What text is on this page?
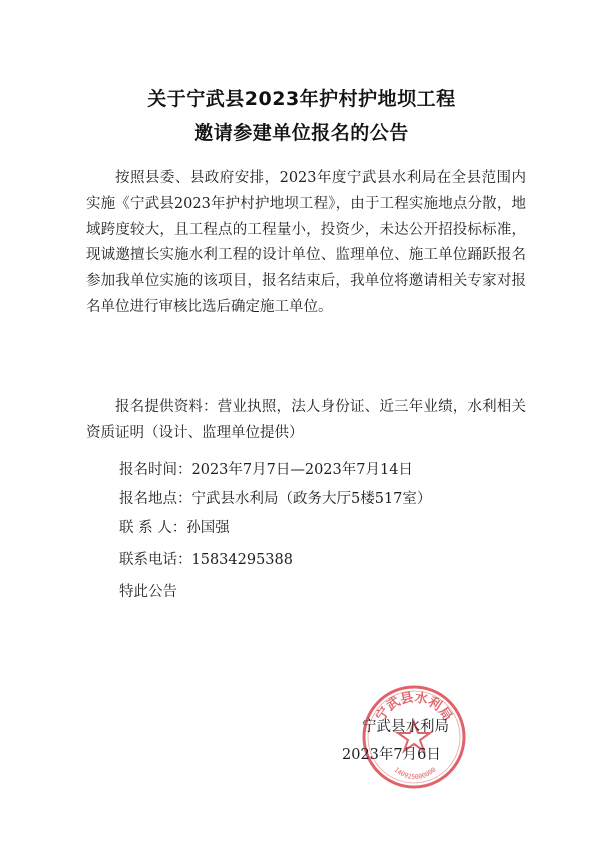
关于宁武县2023年护村护地坝工程
邀请参建单位报名的公告

按照县委、县政府安排，2023年度宁武县水利局在全县范围内实施《宁武县2023年护村护地坝工程》，由于工程实施地点分散，地域跨度较大，且工程点的工程量小，投资少，未达公开招投标标准，现诚邀擅长实施水利工程的设计单位、监理单位、施工单位踊跃报名参加我单位实施的该项目，报名结束后，我单位将邀请相关专家对报名单位进行审核比选后确定施工单位。

报名提供资料：营业执照，法人身份证、近三年业绩，水利相关资质证明（设计、监理单位提供）

报名时间：2023年7月7日—2023年7月14日

报名地点：宁武县水利局（政务大厅5楼517室）

联 系 人：孙国强

联系电话：15834295388

特此公告

宁武县水利局
140925000000
宁武县水利局
2023年7月6日
